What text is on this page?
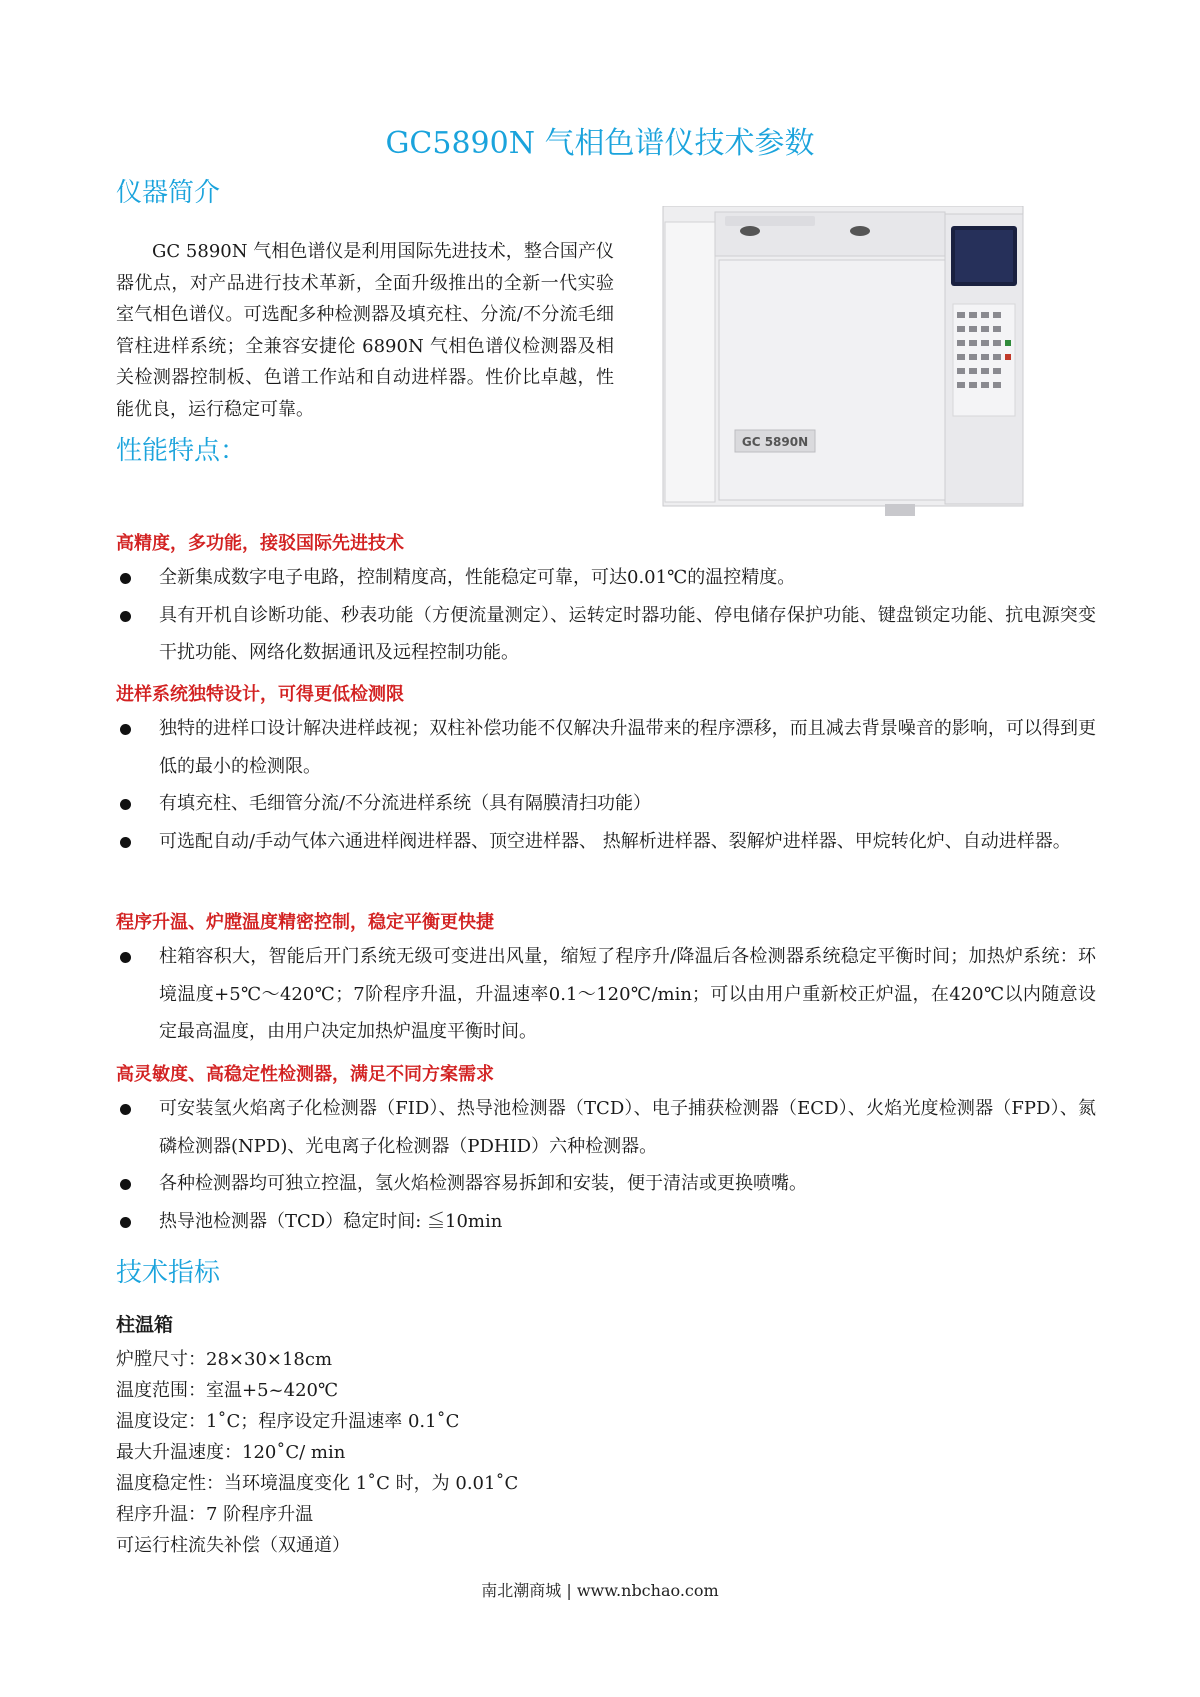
GC5890N 气相色谱仪技术参数
仪器简介

GC 5890N 气相色谱仪是利用国际先进技术，整合国产仪器优点，对产品进行技术革新，全面升级推出的全新一代实验室气相色谱仪。可选配多种检测器及填充柱、分流/不分流毛细管柱进样系统；全兼容安捷伦 6890N 气相色谱仪检测器及相关检测器控制板、色谱工作站和自动进样器。性价比卓越，性能优良，运行稳定可靠。

GC 5890N
性能特点：

高精度，多功能，接驳国际先进技术

全新集成数字电子电路，控制精度高，性能稳定可靠，可达0.01℃的温控精度。
具有开机自诊断功能、秒表功能（方便流量测定）、运转定时器功能、停电储存保护功能、键盘锁定功能、抗电源突变干扰功能、网络化数据通讯及远程控制功能。

进样系统独特设计，可得更低检测限

独特的进样口设计解决进样歧视；双柱补偿功能不仅解决升温带来的程序漂移，而且减去背景噪音的影响，可以得到更低的最小的检测限。
有填充柱、毛细管分流/不分流进样系统（具有隔膜清扫功能）
可选配自动/手动气体六通进样阀进样器、顶空进样器、 热解析进样器、裂解炉进样器、甲烷转化炉、自动进样器。

程序升温、炉膛温度精密控制，稳定平衡更快捷

柱箱容积大，智能后开门系统无级可变进出风量，缩短了程序升/降温后各检测器系统稳定平衡时间；加热炉系统：环境温度+5℃～420℃；7阶程序升温，升温速率0.1～120℃/min；可以由用户重新校正炉温，在420℃以内随意设定最高温度，由用户决定加热炉温度平衡时间。

高灵敏度、高稳定性检测器，满足不同方案需求

可安装氢火焰离子化检测器（FID）、热导池检测器（TCD）、电子捕获检测器（ECD）、火焰光度检测器（FPD）、氮磷检测器(NPD)、光电离子化检测器（PDHID）六种检测器。
各种检测器均可独立控温，氢火焰检测器容易拆卸和安装，便于清洁或更换喷嘴。
热导池检测器（TCD）稳定时间: ≦10min
技术指标

柱温箱

炉膛尺寸：28×30×18cm

温度范围：室温+5~420℃

温度设定：1˚C；程序设定升温速率 0.1˚C

最大升温速度：120˚C/ min

温度稳定性：当环境温度变化 1˚C 时，为 0.01˚C

程序升温：7 阶程序升温

可运行柱流失补偿（双通道）

南北潮商城 | www.nbchao.com
